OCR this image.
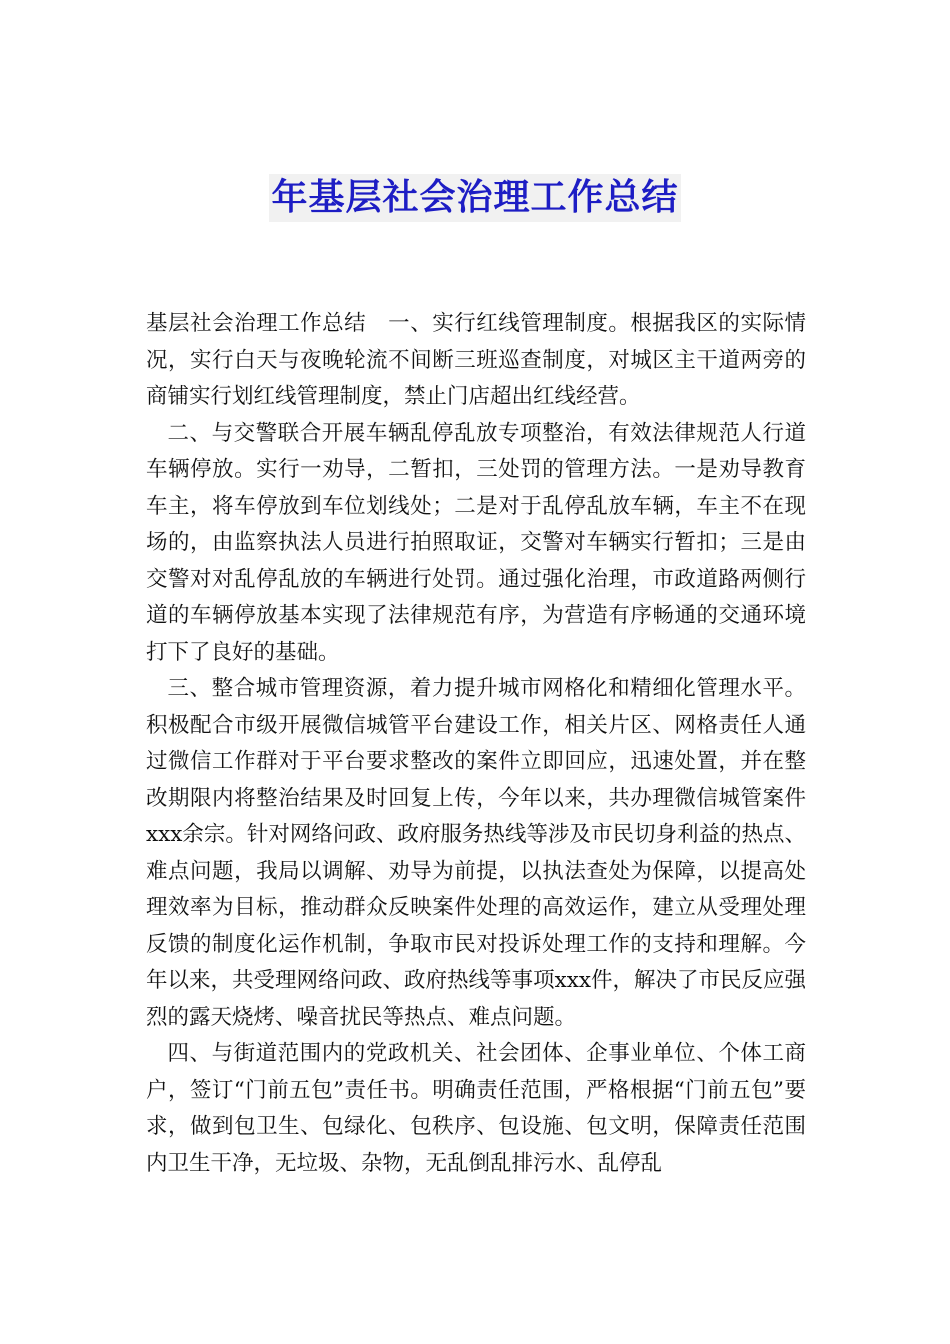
年基层社会治理工作总结

基层社会治理工作总结　一、实行红线管理制度。根据我区的实际情况，实行白天与夜晚轮流不间断三班巡查制度，对城区主干道两旁的商铺实行划红线管理制度，禁止门店超出红线经营。

二、与交警联合开展车辆乱停乱放专项整治，有效法律规范人行道车辆停放。实行一劝导，二暂扣，三处罚的管理方法。一是劝导教育车主，将车停放到车位划线处；二是对于乱停乱放车辆，车主不在现场的，由监察执法人员进行拍照取证，交警对车辆实行暂扣；三是由交警对对乱停乱放的车辆进行处罚。通过强化治理，市政道路两侧行道的车辆停放基本实现了法律规范有序，为营造有序畅通的交通环境打下了良好的基础。

三、整合城市管理资源，着力提升城市网格化和精细化管理水平。积极配合市级开展微信城管平台建设工作，相关片区、网格责任人通过微信工作群对于平台要求整改的案件立即回应，迅速处置，并在整改期限内将整治结果及时回复上传，今年以来，共办理微信城管案件xxx余宗。针对网络问政、政府服务热线等涉及市民切身利益的热点、难点问题，我局以调解、劝导为前提，以执法查处为保障，以提高处理效率为目标，推动群众反映案件处理的高效运作，建立从受理处理反馈的制度化运作机制，争取市民对投诉处理工作的支持和理解。今年以来，共受理网络问政、政府热线等事项xxx件，解决了市民反应强烈的露天烧烤、噪音扰民等热点、难点问题。

四、与街道范围内的党政机关、社会团体、企事业单位、个体工商户，签订“门前五包”责任书。明确责任范围，严格根据“门前五包”要求，做到包卫生、包绿化、包秩序、包设施、包文明，保障责任范围内卫生干净，无垃圾、杂物，无乱倒乱排污水、乱停乱
